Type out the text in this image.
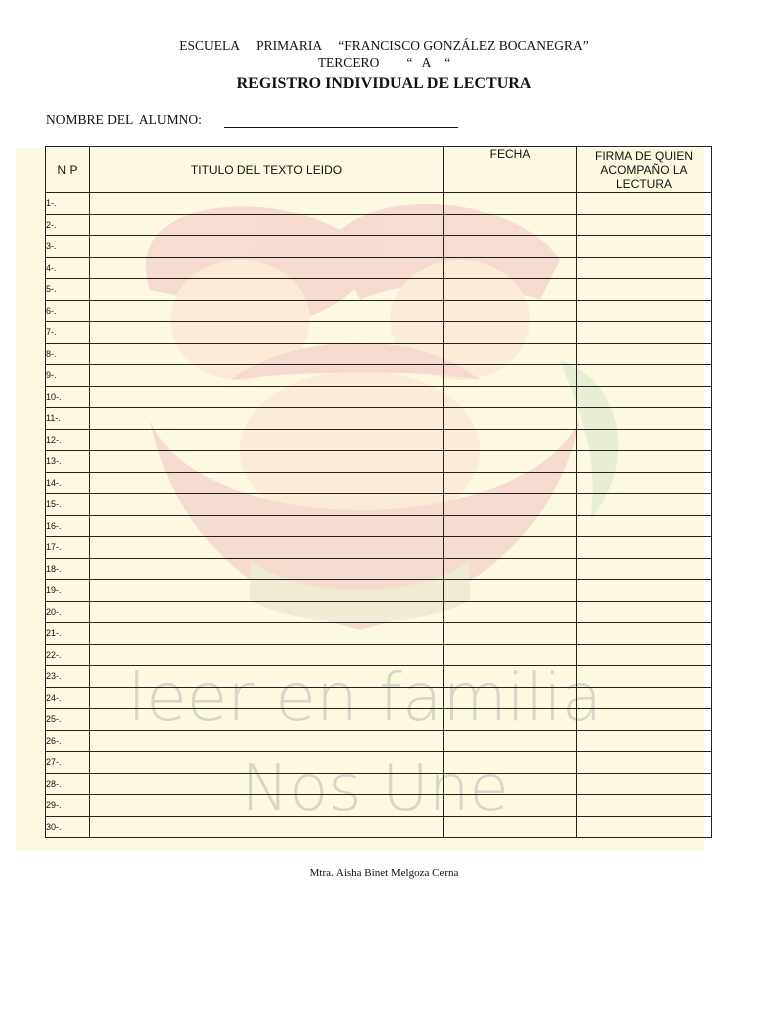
leer en familia
Nos Une
ESCUELA     PRIMARIA     “FRANCISCO GONZÁLEZ BOCANEGRA”
TERCERO        “   A    “
REGISTRO INDIVIDUAL DE LECTURA
NOMBRE DEL  ALUMNO:
N P	TITULO DEL TEXTO LEIDO	FECHA	FIRMA DE QUIEN ACOMPAÑO LA LECTURA
1-.			
2-.			
3-.			
4-.			
5-.			
6-.			
7-.			
8-.			
9-.			
10-.			
11-.			
12-.			
13-.			
14-.			
15-.			
16-.			
17-.			
18-.			
19-.			
20-.			
21-.			
22-.			
23-.			
24-.			
25-.			
26-.			
27-.			
28-.			
29-.			
30-.			
Mtra. Aisha Binet Melgoza Cerna
